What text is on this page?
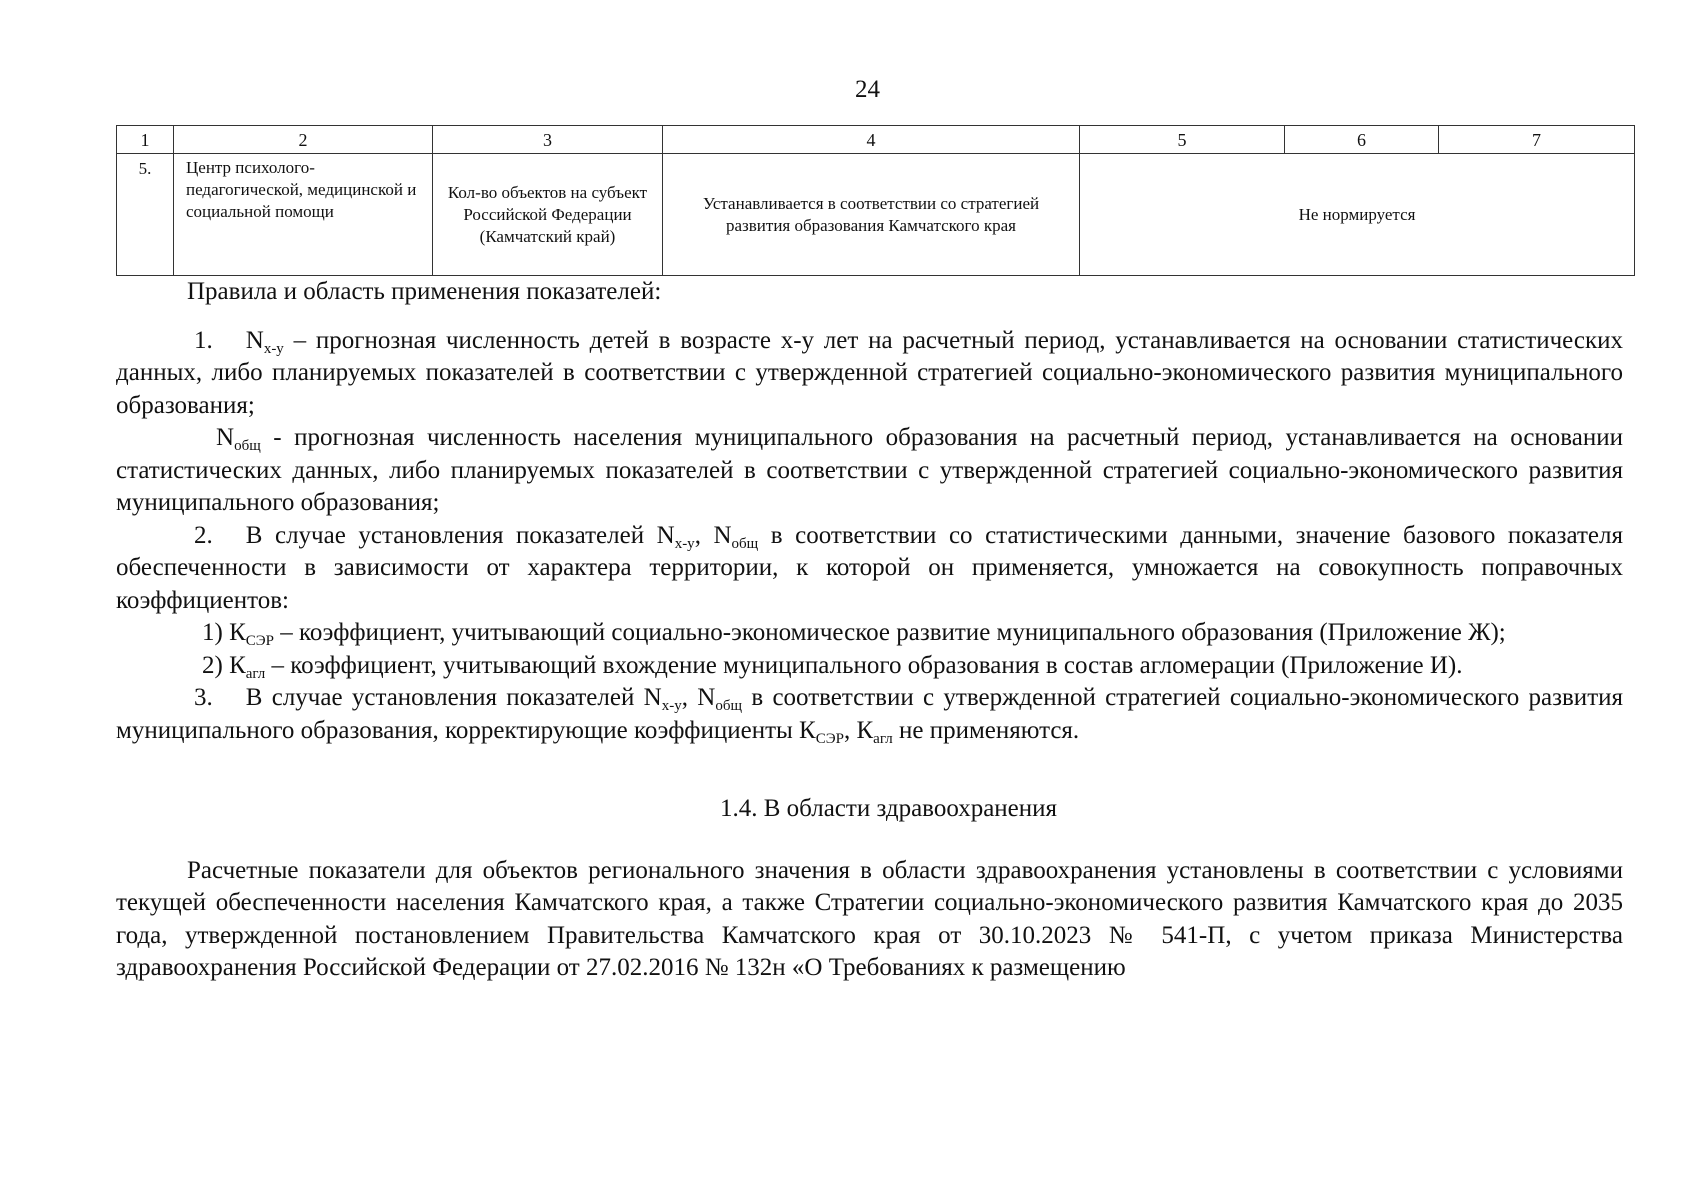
24
1	2	3	4	5	6	7
5.	Центр психолого-педагогической, медицинской и социальной помощи	Кол-во объектов на субъект Российской Федерации (Камчатский край)	Устанавливается в соответствии со стратегией развития образования Камчатского края	Не нормируется		

Правила и область применения показателей:

1. $N_{х-у}$ – прогнозная численность детей в возрасте х-у лет на расчетный период, устанавливается на основании статистических данных, либо планируемых показателей в соответствии с утвержденной стратегией социально-экономического развития муниципального образования;

$N_{общ}$ - прогнозная численность населения муниципального образования на расчетный период, устанавливается на основании статистических данных, либо планируемых показателей в соответствии с утвержденной стратегией социально-экономического развития муниципального образования;

2. В случае установления показателей $N_{х-у}$, $N_{общ}$ в соответствии со статистическими данными, значение базового показателя обеспеченности в зависимости от характера территории, к которой он применяется, умножается на совокупность поправочных коэффициентов:

1) $К_{СЭР}$ – коэффициент, учитывающий социально-экономическое развитие муниципального образования (Приложение Ж);

2) $К_{агл}$ – коэффициент, учитывающий вхождение муниципального образования в состав агломерации (Приложение И).

3. В случае установления показателей $N_{х-у}$, $N_{общ}$ в соответствии с утвержденной стратегией социально-экономического развития муниципального образования, корректирующие коэффициенты $К_{СЭР}$, $К_{агл}$ не применяются.

1.4. В области здравоохранения

Расчетные показатели для объектов регионального значения в области здравоохранения установлены в соответствии с условиями текущей обеспеченности населения Камчатского края, а также Стратегии социально-экономического развития Камчатского края до 2035 года, утвержденной постановлением Правительства Камчатского края от 30.10.2023 № 541-П, с учетом приказа Министерства здравоохранения Российской Федерации от 27.02.2016 № 132н «О Требованиях к размещению
